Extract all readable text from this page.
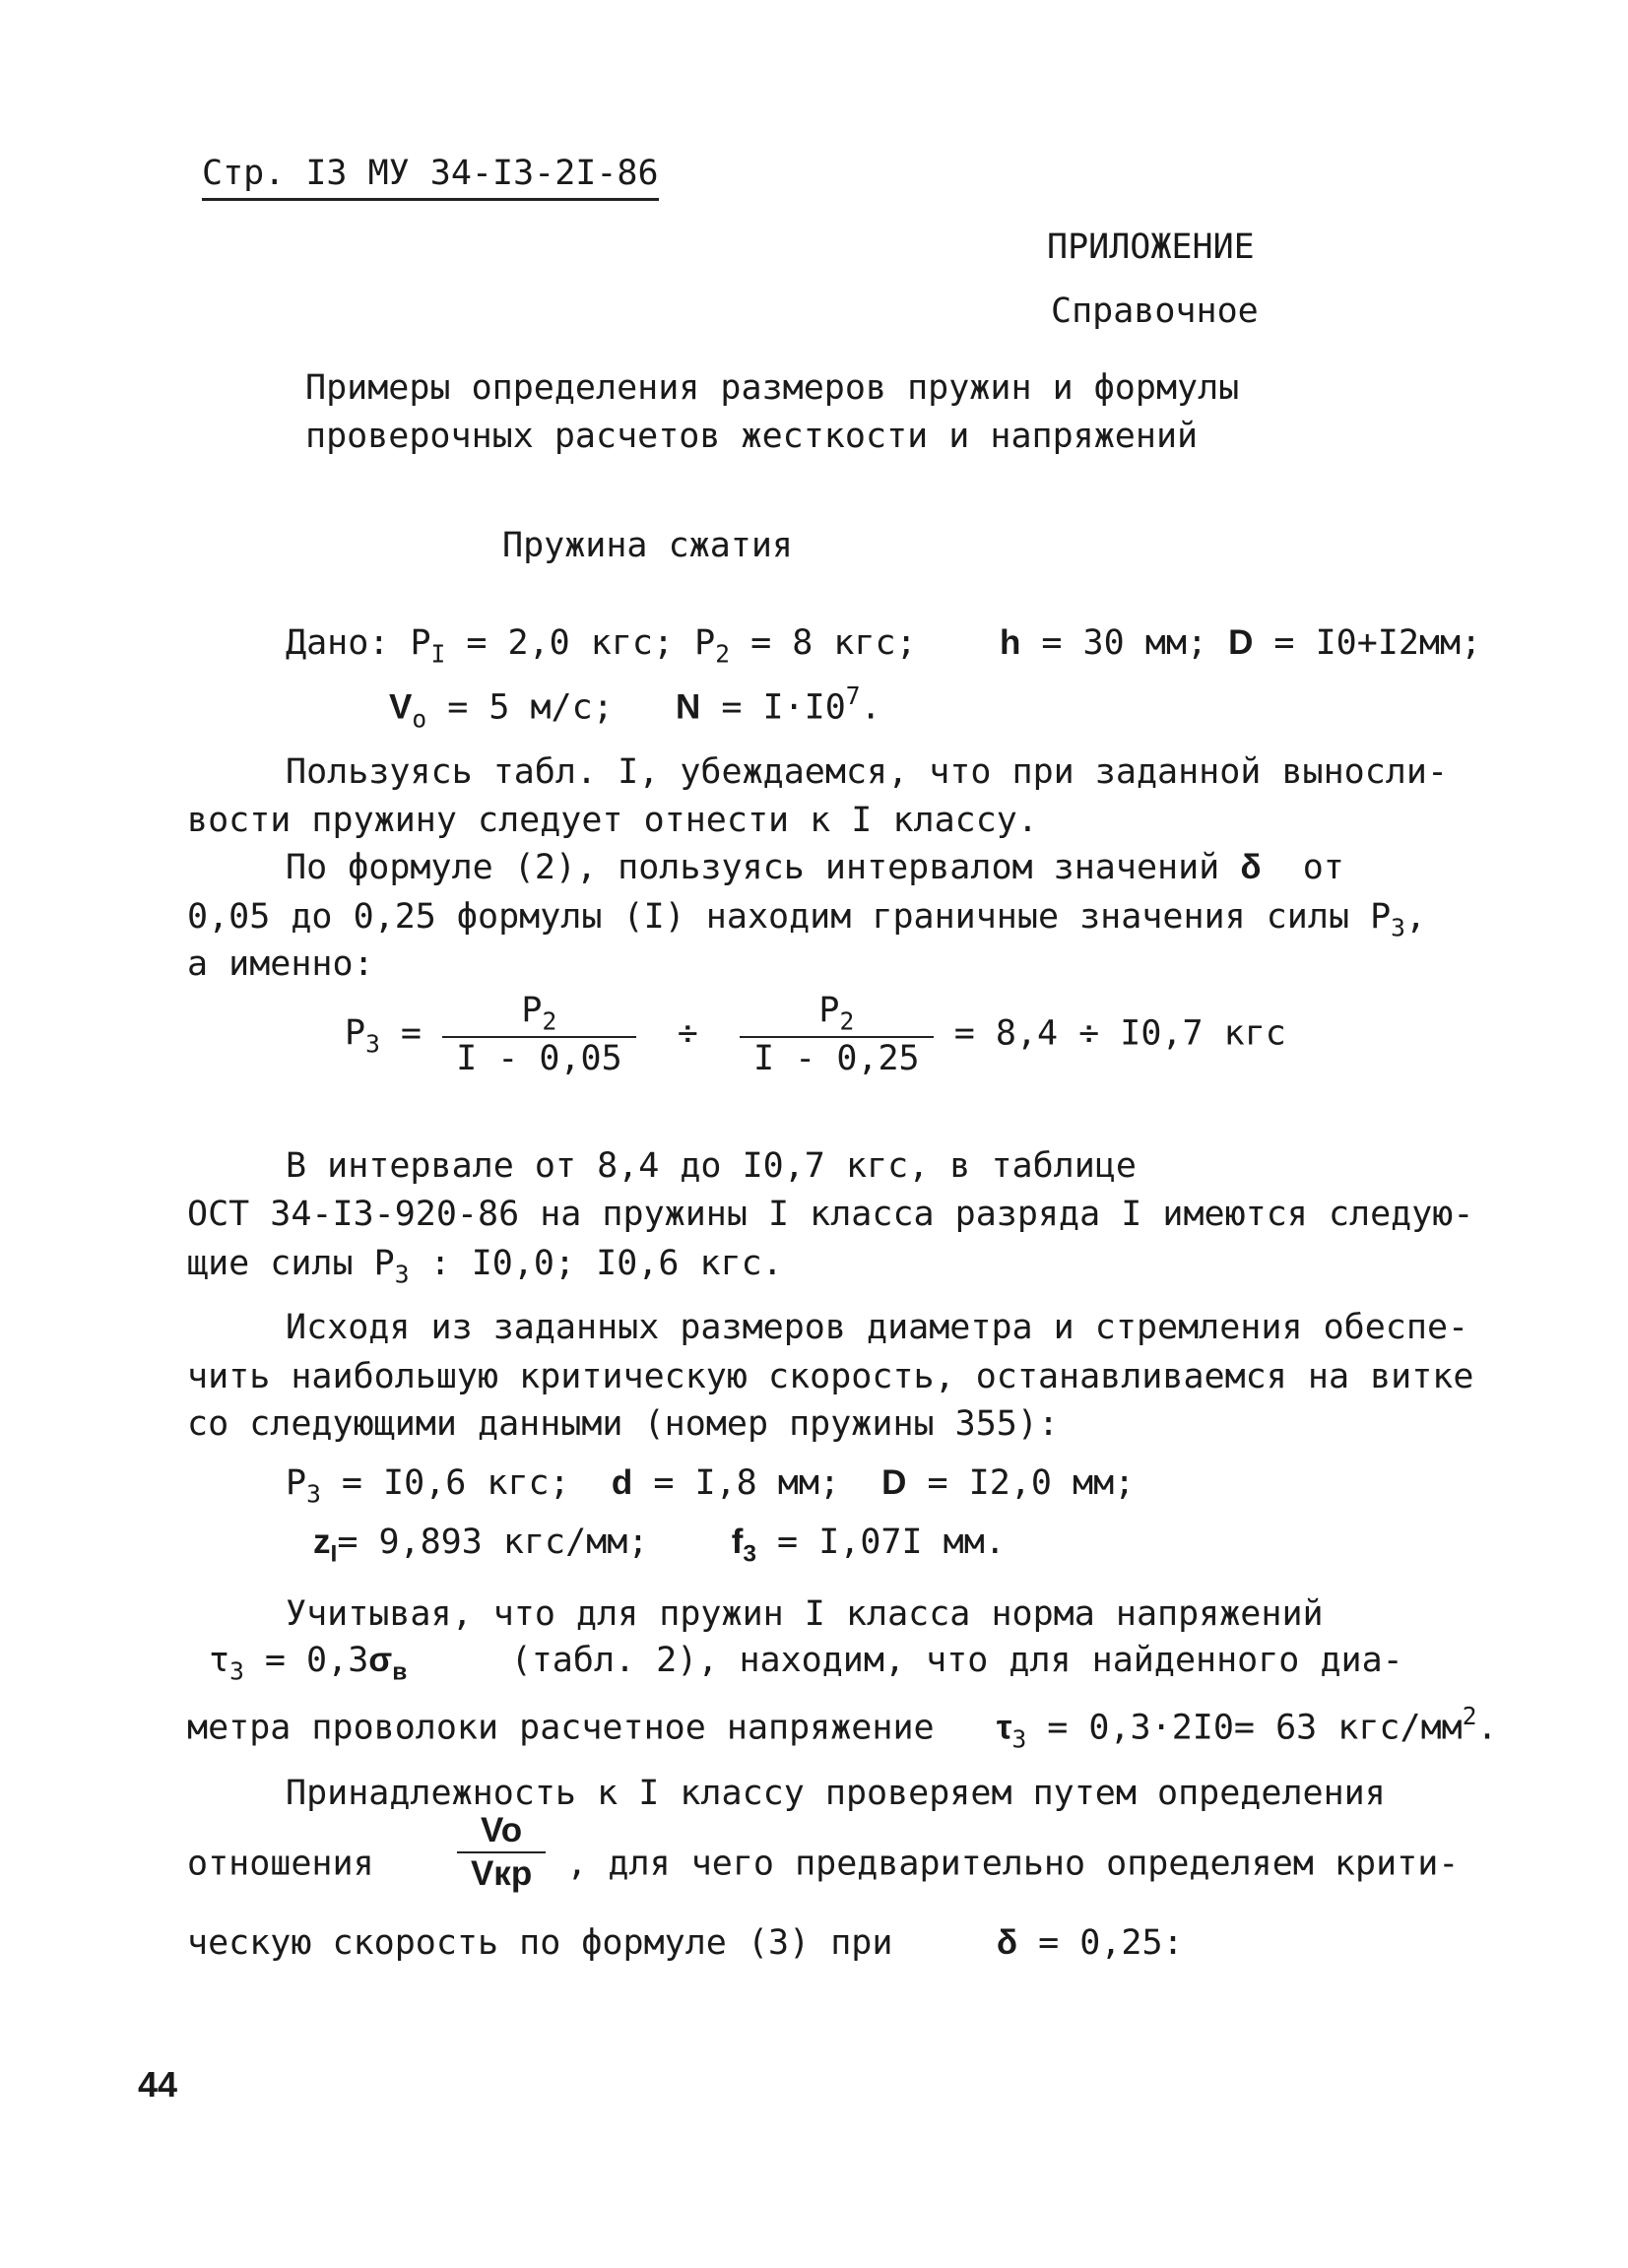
Стр. I3 МУ 34-I3-2I-86
ПРИЛОЖЕНИЕ
Справочное
Примеры определения размеров пружин и формулы
проверочных расчетов жесткости и напряжений
Пружина сжатия
Дано: $P_I = 2,0$ кгс; $P_2 = 8$ кгс; h = 30 мм; D = I0+I2мм;
$V_o = 5$ м/с; $N = I\cdot I0^7$.
Пользуясь табл. I, убеждаемся, что при заданной выносли-
вости пружину следует отнести к I классу.
По формуле (2), пользуясь интервалом значений δ от
0,05 до 0,25 формулы (I) находим граничные значения силы $P_3$,
а именно:
$P_3 = \frac{P_2}{I - 0,05} \div \frac{P_2}{I - 0,25} = 8,4 \div I0,7$ кгс
В интервале от 8,4 до I0,7 кгс, в таблице
ОСТ 34-I3-920-86 на пружины I класса разряда I имеются следую-
щие силы $P_3$ : I0,0; I0,6 кгс.
Исходя из заданных размеров диаметра и стремления обеспе-
чить наибольшую критическую скорость, останавливаемся на витке
со следующими данными (номер пружины 355):
$P_3 = I0,6$ кгс; d = I,8 мм; D = I2,0 мм;
$z_I= 9,893$ кгс/мм; $f_3 = I,07I$ мм.
Учитывая, что для пружин I класса норма напряжений
$\tau_3 = 0,3\sigma_в$	(табл. 2), находим, что для найденного диа-
метра проволоки расчетное напряжение $\tau_3 = 0,3\cdot 2I0= 63$ кгс/$мм^2$.
Принадлежность к I классу проверяем путем определения
отношения $\frac{Vo}{\text{Vкр}}$ , для чего предварительно определяем крити-
ческую скорость по формуле (3) при	δ = 0,25:
44
